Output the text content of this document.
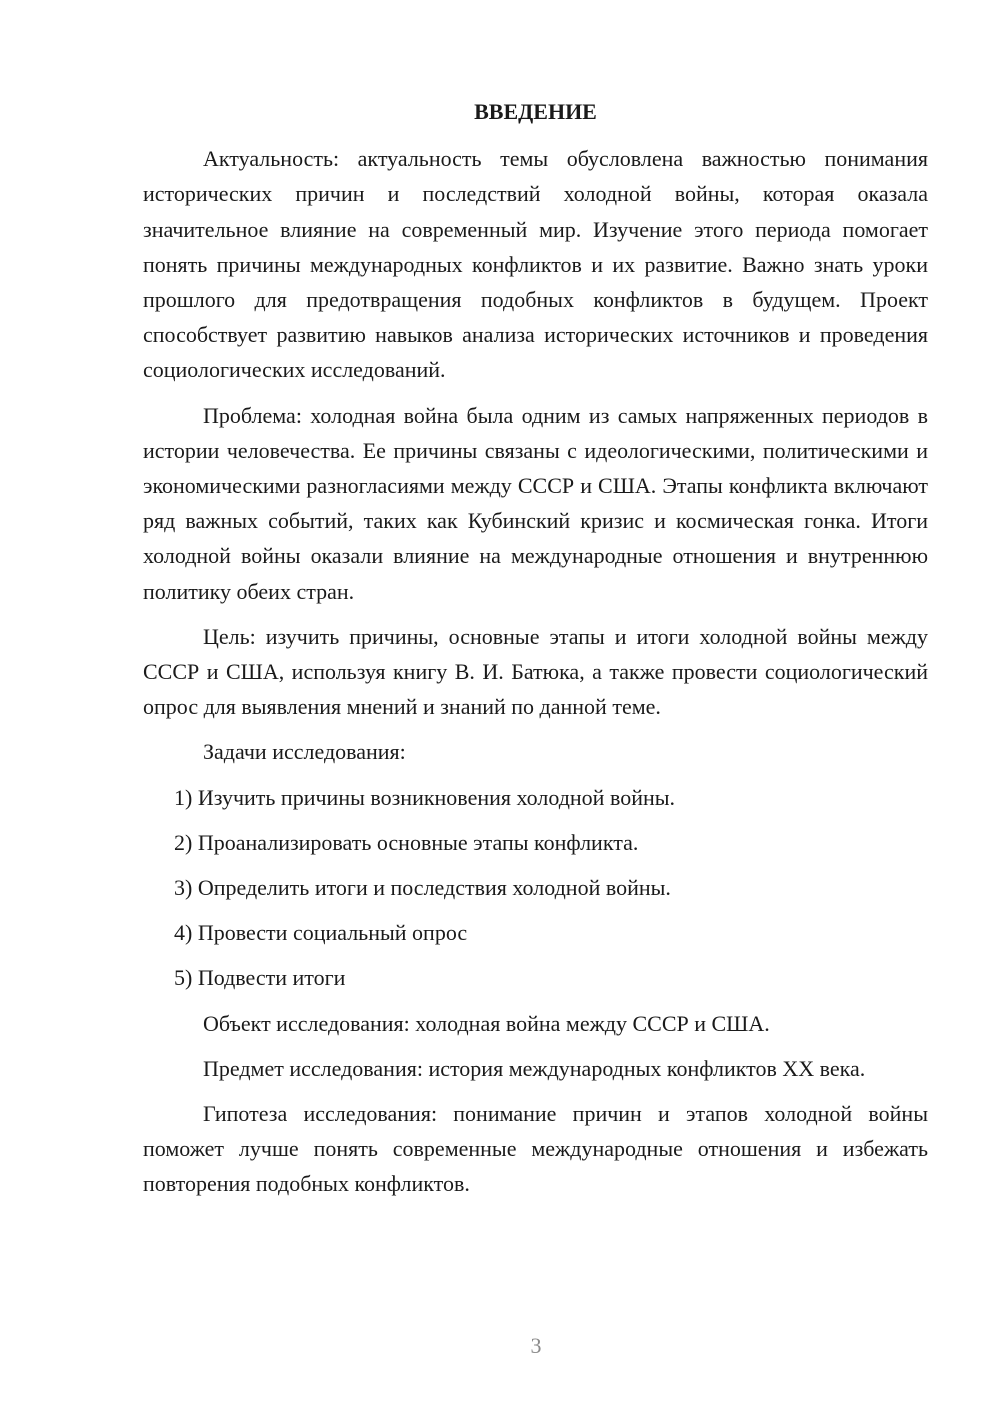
ВВЕДЕНИЕ
Актуальность: актуальность темы обусловлена важностью понимания исторических причин и последствий холодной войны, которая оказала значительное влияние на современный мир. Изучение этого периода помогает понять причины международных конфликтов и их развитие. Важно знать уроки прошлого для предотвращения подобных конфликтов в будущем. Проект способствует развитию навыков анализа исторических источников и проведения социологических исследований.
Проблема: холодная война была одним из самых напряженных периодов в истории человечества. Ее причины связаны с идеологическими, политическими и экономическими разногласиями между СССР и США. Этапы конфликта включают ряд важных событий, таких как Кубинский кризис и космическая гонка. Итоги холодной войны оказали влияние на международные отношения и внутреннюю политику обеих стран.
Цель: изучить причины, основные этапы и итоги холодной войны между СССР и США, используя книгу В. И. Батюка, а также провести социологический опрос для выявления мнений и знаний по данной теме.
Задачи исследования:
1) Изучить причины возникновения холодной войны.
2) Проанализировать основные этапы конфликта.
3) Определить итоги и последствия холодной войны.
4) Провести социальный опрос
5) Подвести итоги
Объект исследования: холодная война между СССР и США.
Предмет исследования: история международных конфликтов XX века.
Гипотеза исследования: понимание причин и этапов холодной войны поможет лучше понять современные международные отношения и избежать повторения подобных конфликтов.
3
